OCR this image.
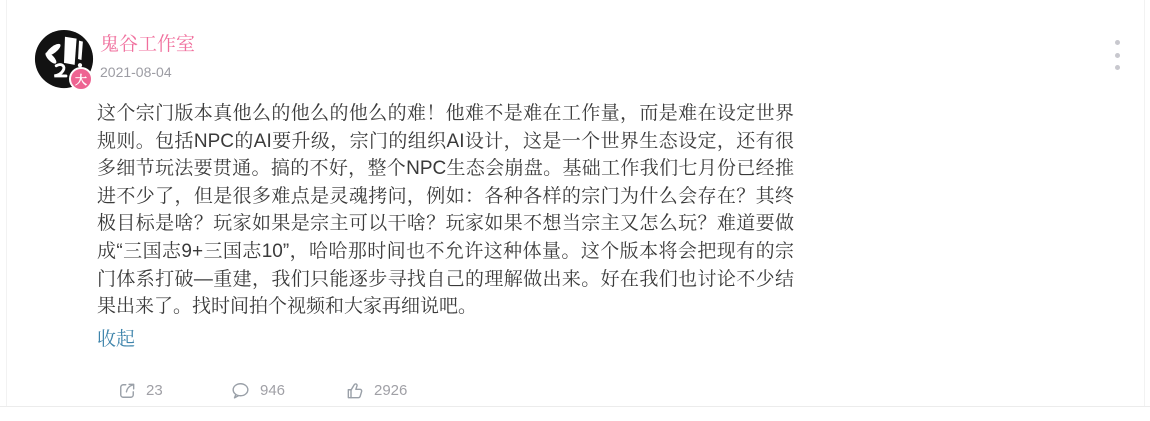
大
鬼谷工作室
2021-08-04
这个宗门版本真他么的他么的他么的难！他难不是难在工作量，而是难在设定世界规则。包括NPC的AI要升级，宗门的组织AI设计，这是一个世界生态设定，还有很多细节玩法要贯通。搞的不好，整个NPC生态会崩盘。基础工作我们七月份已经推进不少了，但是很多难点是灵魂拷问，例如：各种各样的宗门为什么会存在？其终极目标是啥？玩家如果是宗主可以干啥？玩家如果不想当宗主又怎么玩？难道要做成“三国志9+三国志10”，哈哈那时间也不允许这种体量。这个版本将会把现有的宗门体系打破—重建，我们只能逐步寻找自己的理解做出来。好在我们也讨论不少结果出来了。找时间拍个视频和大家再细说吧。
收起
23	946	2926
